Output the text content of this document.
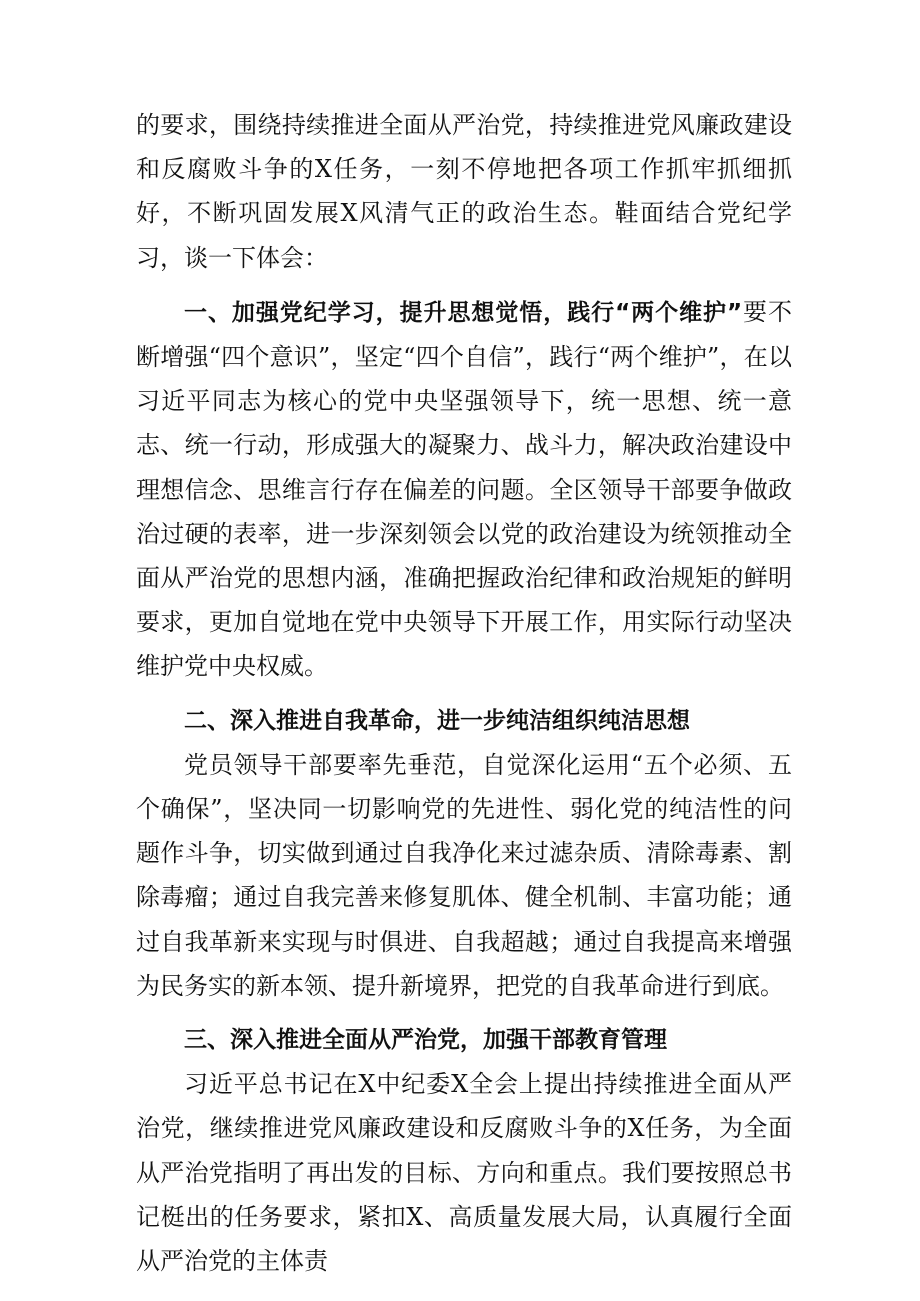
的要求，围绕持续推进全面从严治党，持续推进党风廉政建设和反腐败斗争的X任务，一刻不停地把各项工作抓牢抓细抓好，不断巩固发展X风清气正的政治生态。鞋面结合党纪学习，谈一下体会：

一、加强党纪学习，提升思想觉悟，践行“两个维护”要不断增强“四个意识”，坚定“四个自信”，践行“两个维护”，在以习近平同志为核心的党中央坚强领导下，统一思想、统一意志、统一行动，形成强大的凝聚力、战斗力，解决政治建设中理想信念、思维言行存在偏差的问题。全区领导干部要争做政治过硬的表率，进一步深刻领会以党的政治建设为统领推动全面从严治党的思想内涵，准确把握政治纪律和政治规矩的鲜明要求，更加自觉地在党中央领导下开展工作，用实际行动坚决维护党中央权威。

二、深入推进自我革命，进一步纯洁组织纯洁思想

党员领导干部要率先垂范，自觉深化运用“五个必须、五个确保”，坚决同一切影响党的先进性、弱化党的纯洁性的问题作斗争，切实做到通过自我净化来过滤杂质、清除毒素、割除毒瘤；通过自我完善来修复肌体、健全机制、丰富功能；通过自我革新来实现与时俱进、自我超越；通过自我提高来增强为民务实的新本领、提升新境界，把党的自我革命进行到底。

三、深入推进全面从严治党，加强干部教育管理

习近平总书记在X中纪委X全会上提出持续推进全面从严治党，继续推进党风廉政建设和反腐败斗争的X任务，为全面从严治党指明了再出发的目标、方向和重点。我们要按照总书记梃出的任务要求，紧扣X、高质量发展大局，认真履行全面从严治党的主体责
